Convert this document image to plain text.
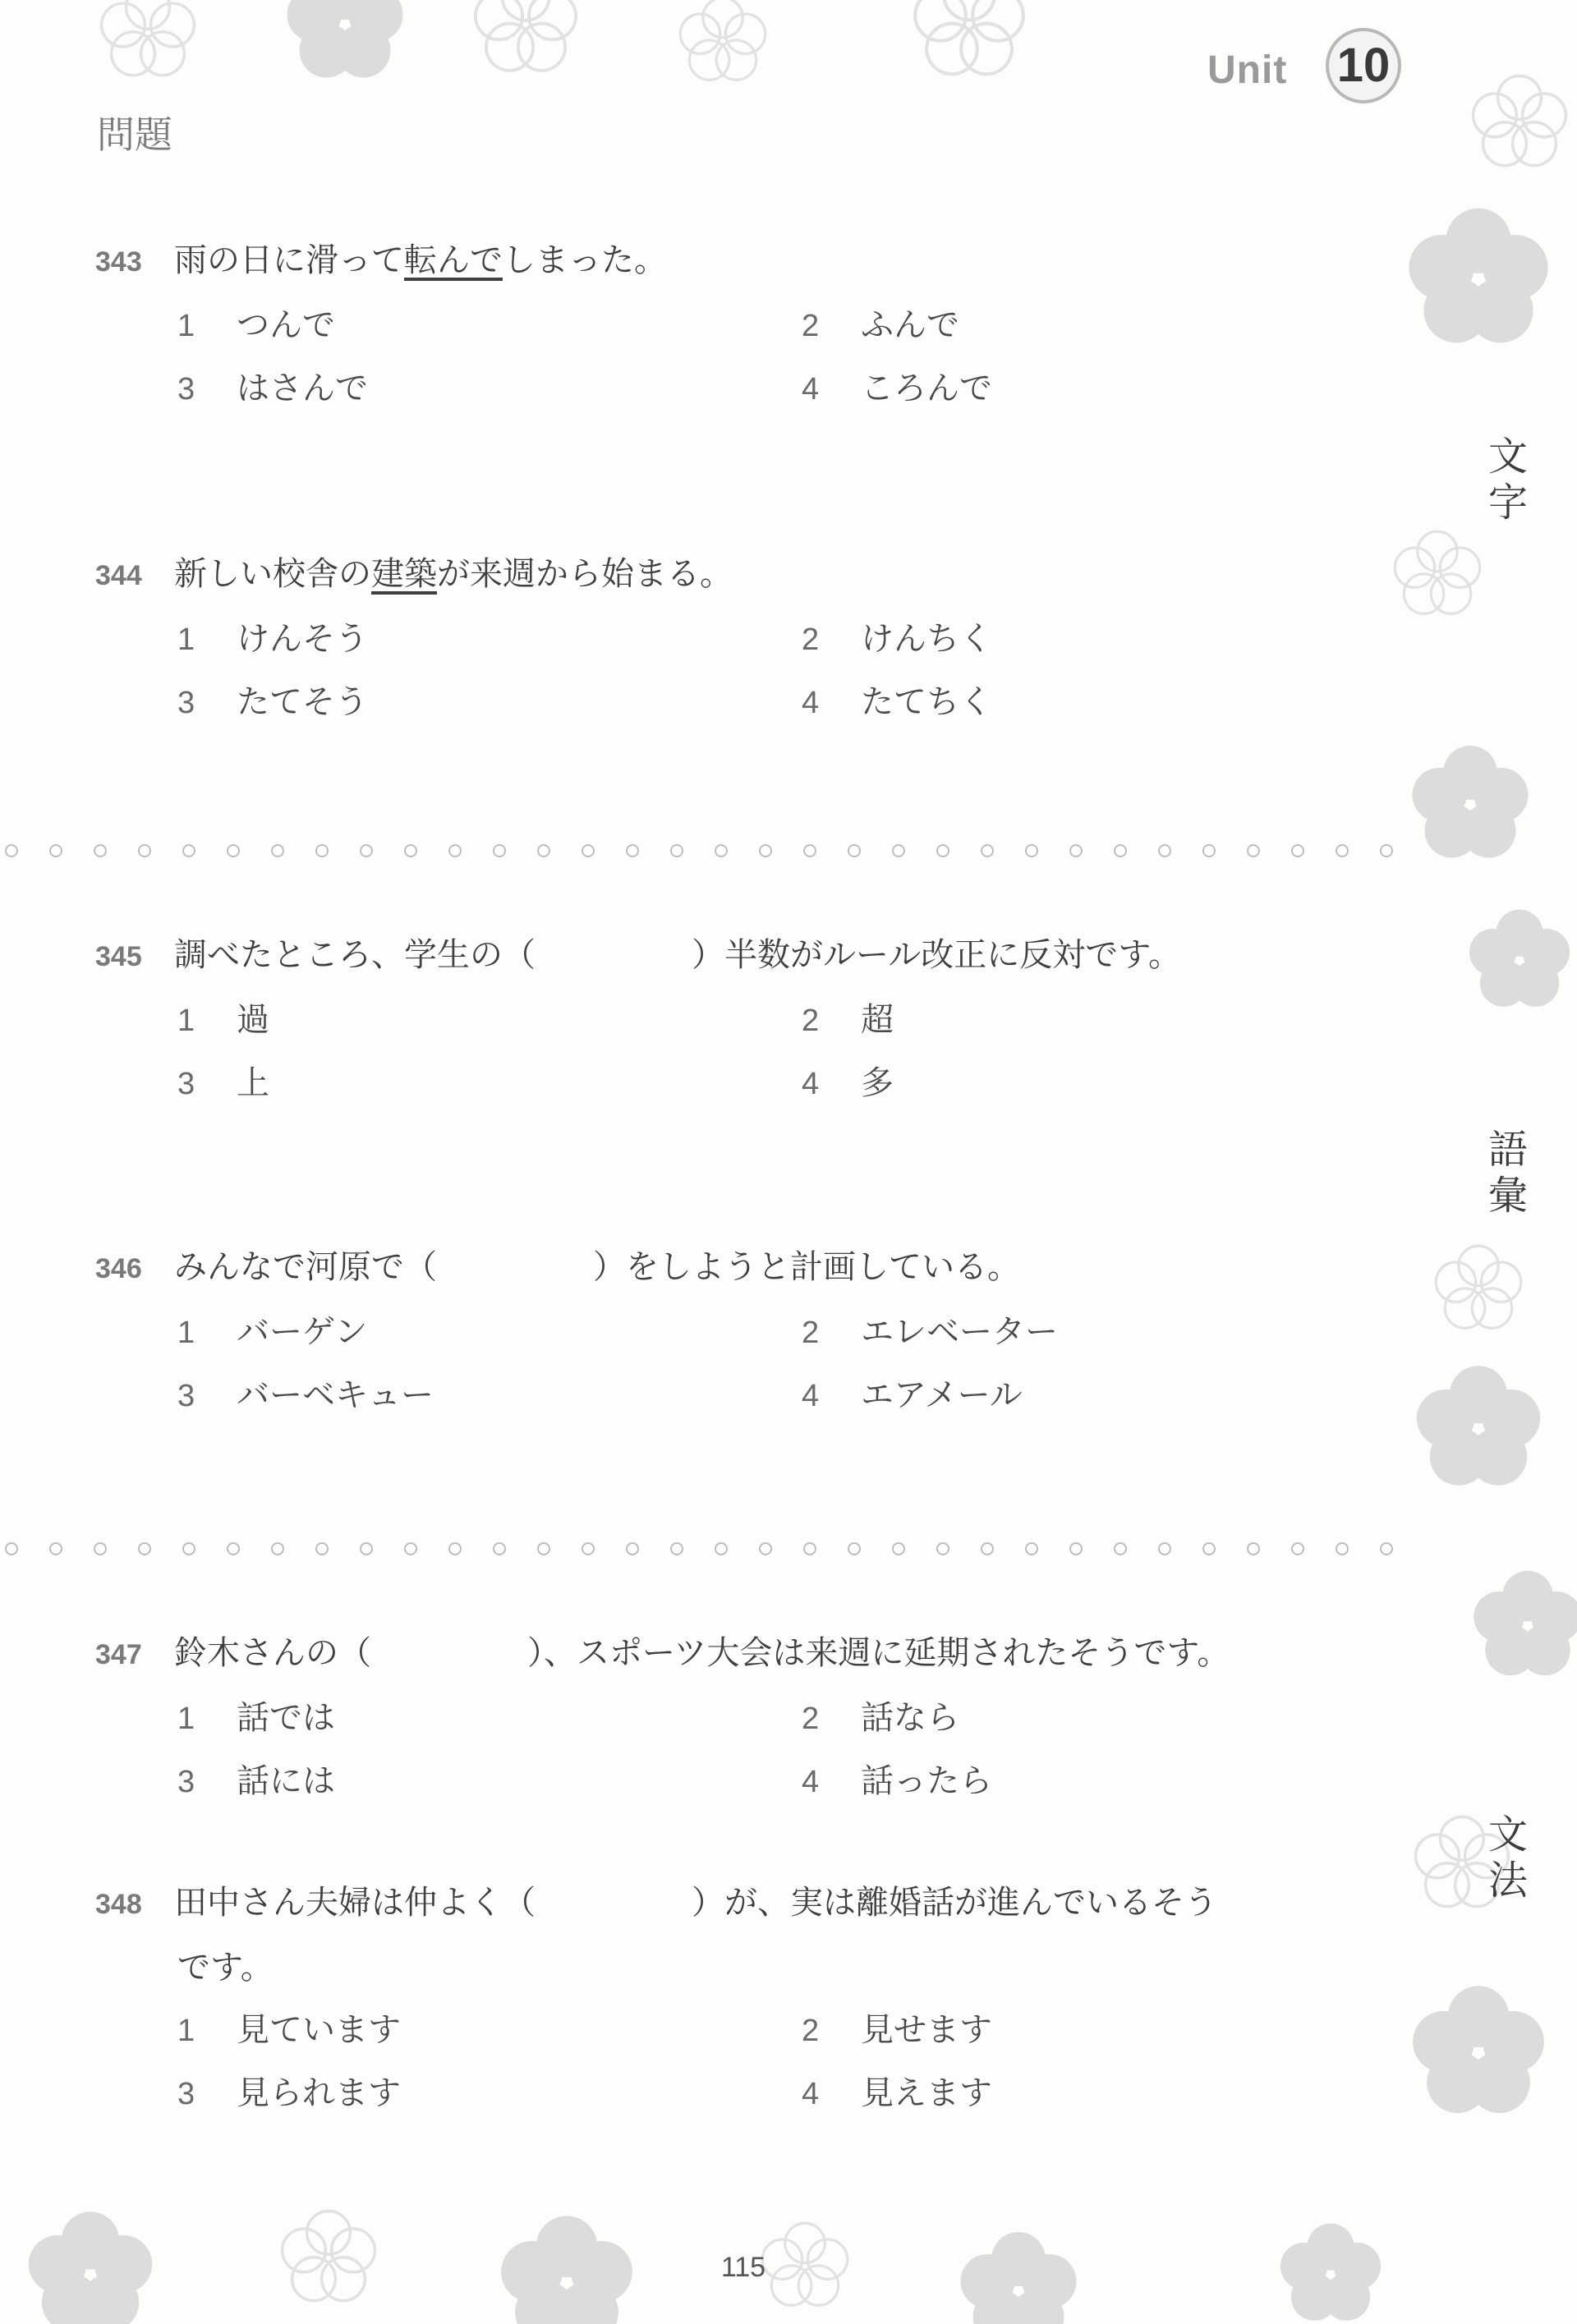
Unit 10
問題
文
字
語
彙
文
法
343 雨の日に滑って転んでしまった。
1 つんで	2 ふんで
3 はさんで	4 ころんで
344 新しい校舎の建築が来週から始まる。
1 けんそう	2 けんちく
3 たてそう	4 たてちく
345 調べたところ、学生の（	）半数がルール改正に反対です。
1 過	2 超
3 上	4 多
346 みんなで河原で（	）をしようと計画している。
1 バーゲン	2 エレベーター
3 バーベキュー	4 エアメール
347 鈴木さんの（	）、スポーツ大会は来週に延期されたそうです。
1 話では	2 話なら
3 話には	4 話ったら
348 田中さん夫婦は仲よく（	）が、実は離婚話が進んでいるそう
です。
1 見ています	2 見せます
3 見られます	4 見えます
115
